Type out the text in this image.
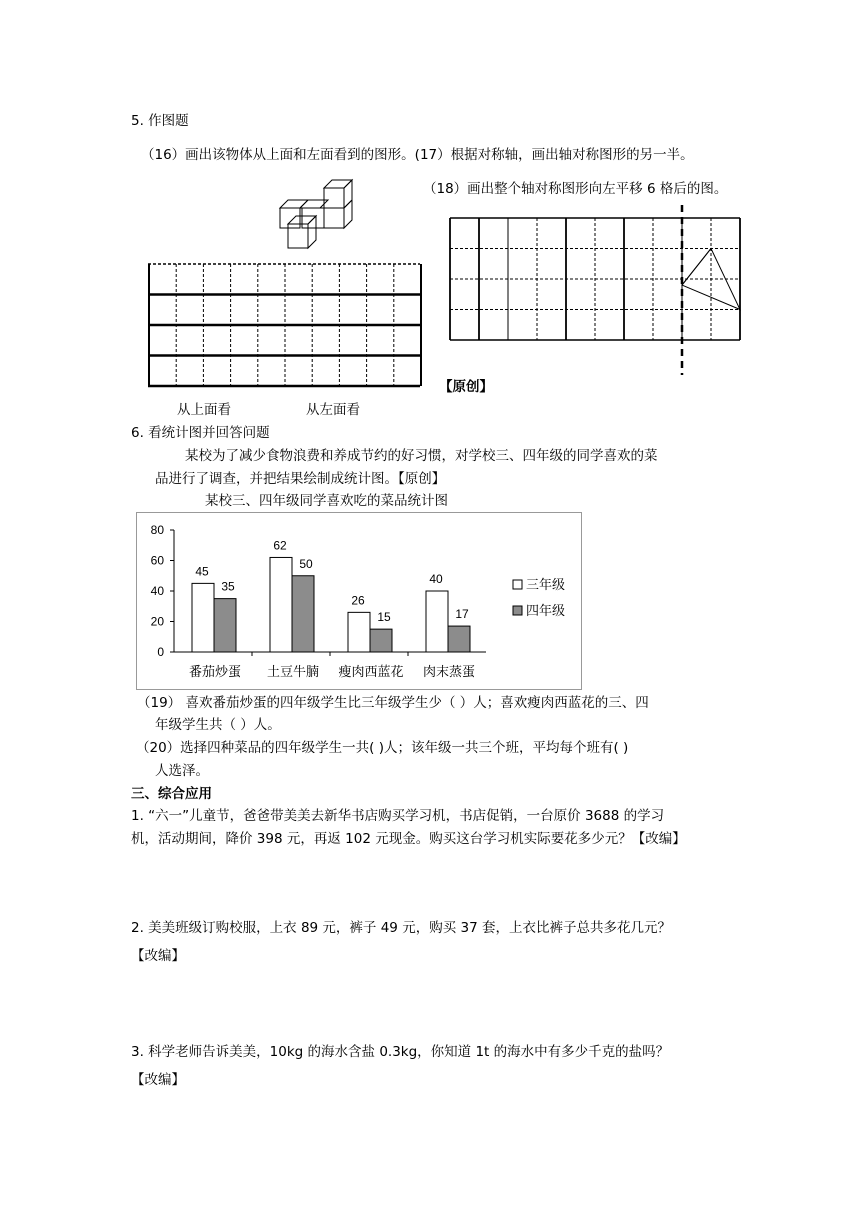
5. 作图题
（16）画出该物体从上面和左面看到的图形。(17）根据对称轴，画出轴对称图形的另一半。
（18）画出整个轴对称图形向左平移 6 格后的图。
【原创】
从上面看	从左面看
6. 看统计图并回答问题
某校为了减少食物浪费和养成节约的好习惯，对学校三、四年级的同学喜欢的菜
品进行了调查，并把结果绘制成统计图。【原创】
某校三、四年级同学喜欢吃的菜品统计图
0
20
40
60
80
45
35
番茄炒蛋
62
50
土豆牛腩
26
15
瘦肉西蓝花
40
17
肉末蒸蛋
三年级
四年级
（19） 喜欢番茄炒蛋的四年级学生比三年级学生少（ ）人；喜欢瘦肉西蓝花的三、四
年级学生共（ ）人。
（20）选择四种菜品的四年级学生一共( )人；该年级一共三个班，平均每个班有( )
人选泽。
三、综合应用
1. “六一”儿童节，爸爸带美美去新华书店购买学习机，书店促销，一台原价 3688 的学习
机，活动期间，降价 398 元，再返 102 元现金。购买这台学习机实际要花多少元？【改编】
2. 美美班级订购校服，上衣 89 元，裤子 49 元，购买 37 套，上衣比裤子总共多花几元？
【改编】
3. 科学老师告诉美美，10kg 的海水含盐 0.3kg，你知道 1t 的海水中有多少千克的盐吗？
【改编】
